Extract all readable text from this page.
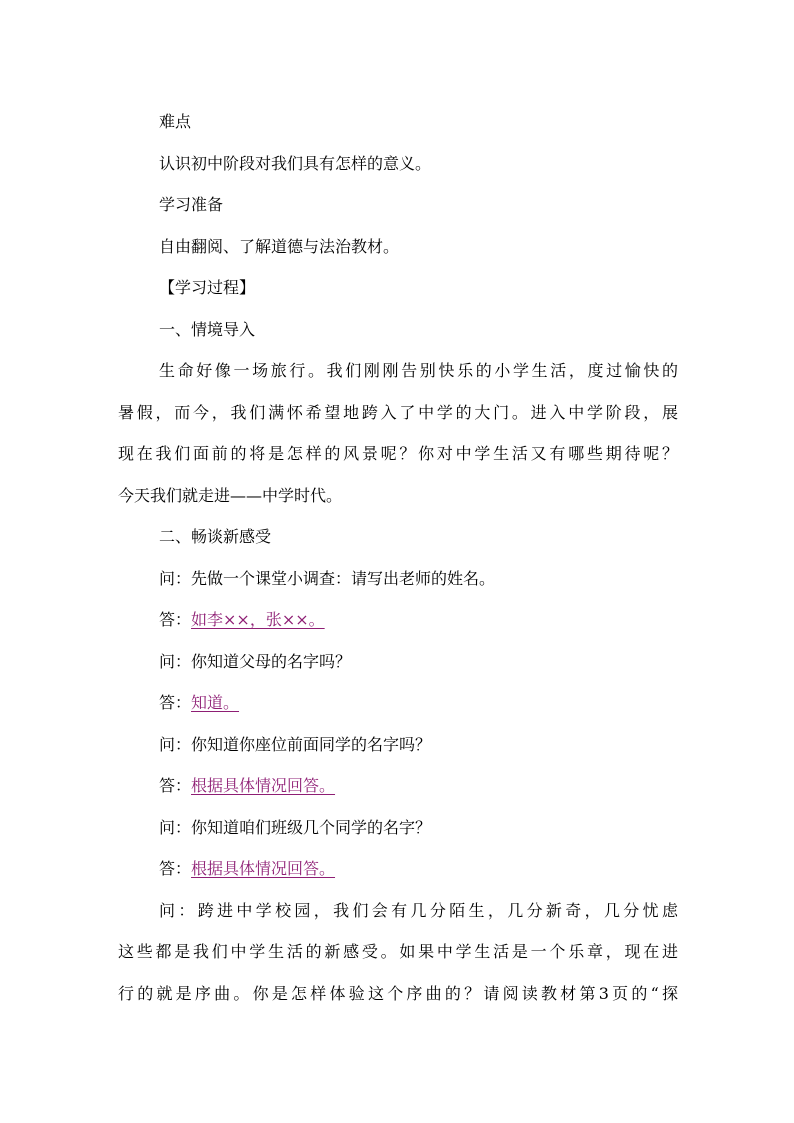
难点

认识初中阶段对我们具有怎样的意义。

学习准备

自由翻阅、了解道德与法治教材。

【学习过程】

一、情境导入

生命好像一场旅行。我们刚刚告别快乐的小学生活，度过愉快的

暑假，而今，我们满怀希望地跨入了中学的大门。进入中学阶段，展

现在我们面前的将是怎样的风景呢？你对中学生活又有哪些期待呢？

今天我们就走进——中学时代。

二、畅谈新感受

问：先做一个课堂小调查：请写出老师的姓名。

答：如李××，张××。

问：你知道父母的名字吗？

答：知道。

问：你知道你座位前面同学的名字吗？

答：根据具体情况回答。

问：你知道咱们班级几个同学的名字？

答：根据具体情况回答。

问：跨进中学校园，我们会有几分陌生，几分新奇，几分忧虑

这些都是我们中学生活的新感受。如果中学生活是一个乐章，现在进

行的就是序曲。你是怎样体验这个序曲的？请阅读教材第3页的“探
